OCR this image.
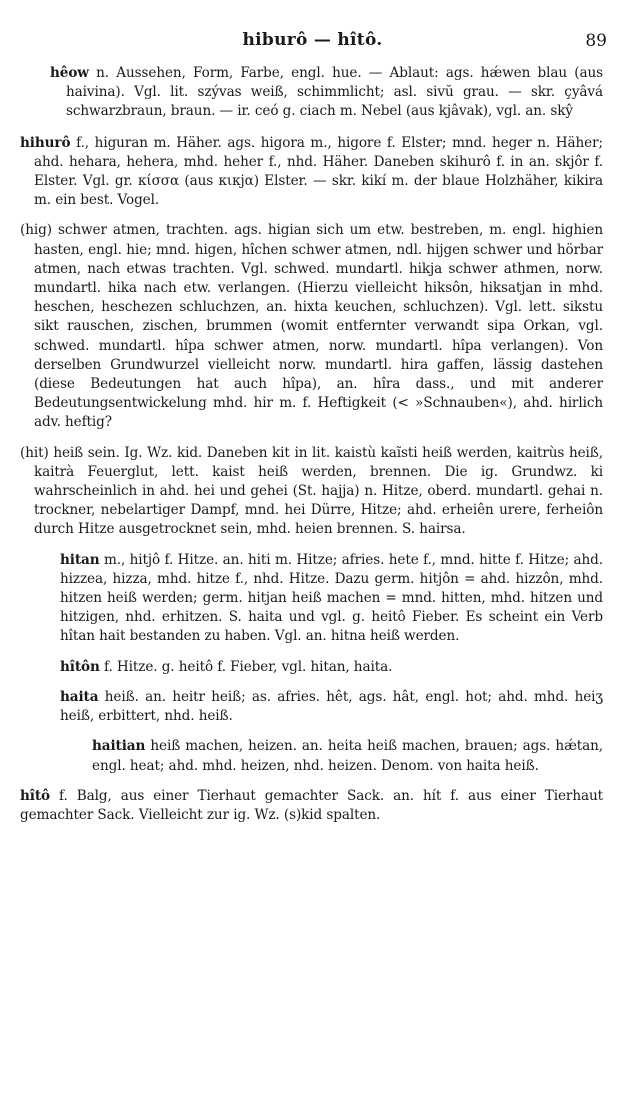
hiburô — hîtô.	89

hêow n. Aussehen, Form, Farbe, engl. hue. — Ablaut: ags. hǽwen blau (aus haivina). Vgl. lit. szývas weiß, schimmlicht; asl. sivŭ grau. — skr. çyâvá schwarzbraun, braun. — ir. ceó g. ciach m. Nebel (aus kjâvak), vgl. an. skŷ

hihurô f., higuran m. Häher. ags. higora m., higore f. Elster; mnd. heger n. Häher; ahd. hehara, hehera, mhd. heher f., nhd. Häher. Daneben skihurô f. in an. skjôr f. Elster. Vgl. gr. κίσσα (aus κικjα) Elster. — skr. kikí m. der blaue Holzhäher, kikira m. ein best. Vogel.

(hig) schwer atmen, trachten. ags. higian sich um etw. bestreben, m. engl. highien hasten, engl. hie; mnd. higen, hîchen schwer atmen, ndl. hijgen schwer und hörbar atmen, nach etwas trachten. Vgl. schwed. mundartl. hikja schwer athmen, norw. mundartl. hika nach etw. verlangen. (Hierzu vielleicht hiksôn, hiksatjan in mhd. heschen, heschezen schluchzen, an. hixta keuchen, schluchzen). Vgl. lett. sikstu sikt rauschen, zischen, brummen (womit entfernter verwandt sipa Orkan, vgl. schwed. mundartl. hîpa schwer atmen, norw. mundartl. hîpa verlangen). Von derselben Grundwurzel vielleicht norw. mundartl. hira gaffen, lässig dastehen (diese Bedeutungen hat auch hîpa), an. hîra dass., und mit anderer Bedeutungsentwickelung mhd. hir m. f. Heftigkeit (< »Schnauben«), ahd. hirlich adv. heftig?

(hit) heiß sein. Ig. Wz. kid. Daneben kit in lit. kaistù kaĩsti heiß werden, kaitrùs heiß, kaitrà Feuerglut, lett. kaist heiß werden, brennen. Die ig. Grundwz. ki wahrscheinlich in ahd. hei und gehei (St. hajja) n. Hitze, oberd. mundartl. gehai n. trockner, nebelartiger Dampf, mnd. hei Dürre, Hitze; ahd. erheiên urere, ferheiôn durch Hitze ausgetrocknet sein, mhd. heien brennen. S. hairsa.

hitan m., hitjô f. Hitze. an. hiti m. Hitze; afries. hete f., mnd. hitte f. Hitze; ahd. hizzea, hizza, mhd. hitze f., nhd. Hitze. Dazu germ. hitjôn = ahd. hizzôn, mhd. hitzen heiß werden; germ. hitjan heiß machen = mnd. hitten, mhd. hitzen und hitzigen, nhd. erhitzen. S. haita und vgl. g. heitô Fieber. Es scheint ein Verb hîtan hait bestanden zu haben. Vgl. an. hitna heiß werden.

hîtôn f. Hitze. g. heitô f. Fieber, vgl. hitan, haita.

haita heiß. an. heitr heiß; as. afries. hêt, ags. hât, engl. hot; ahd. mhd. heiʒ heiß, erbittert, nhd. heiß.

haitian heiß machen, heizen. an. heita heiß machen, brauen; ags. hǽtan, engl. heat; ahd. mhd. heizen, nhd. heizen. Denom. von haita heiß.

hîtô f. Balg, aus einer Tierhaut gemachter Sack. an. hít f. aus einer Tierhaut gemachter Sack. Vielleicht zur ig. Wz. (s)kid spalten.
